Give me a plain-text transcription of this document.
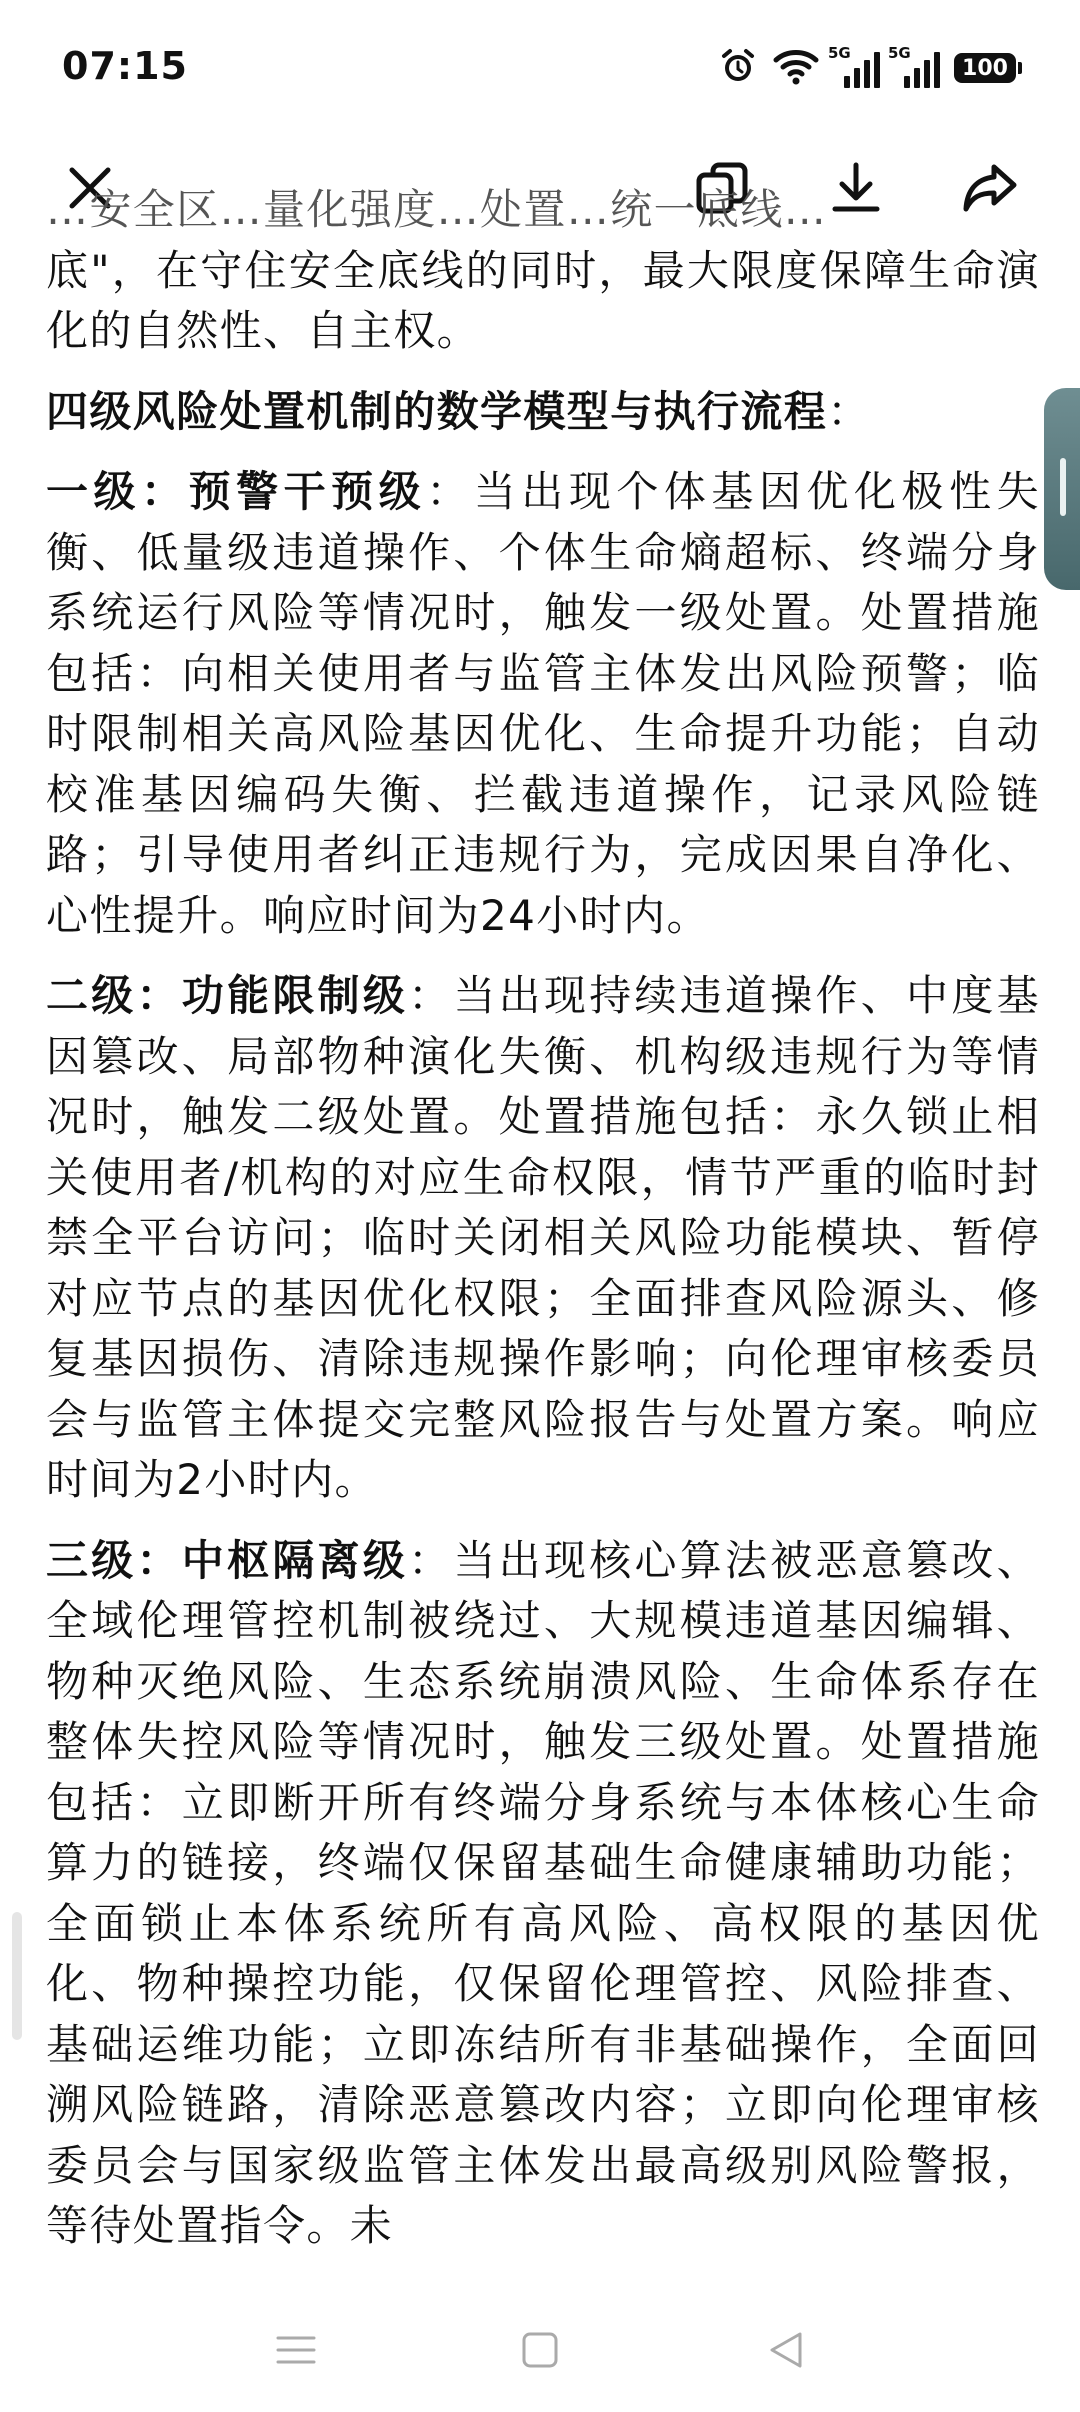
07:15	5G 5G
100

…安全区…量化强度…处置…统一底线…

底"，在守住安全底线的同时，最大限度保障生命演化的自然性、自主权。

四级风险处置机制的数学模型与执行流程：

一级：预警干预级：当出现个体基因优化极性失衡、低量级违道操作、个体生命熵超标、终端分身系统运行风险等情况时，触发一级处置。处置措施包括：向相关使用者与监管主体发出风险预警；临时限制相关高风险基因优化、生命提升功能；自动校准基因编码失衡、拦截违道操作，记录风险链路；引导使用者纠正违规行为，完成因果自净化、心性提升。响应时间为24小时内。

二级：功能限制级：当出现持续违道操作、中度基因篡改、局部物种演化失衡、机构级违规行为等情况时，触发二级处置。处置措施包括：永久锁止相关使用者/机构的对应生命权限，情节严重的临时封禁全平台访问；临时关闭相关风险功能模块、暂停对应节点的基因优化权限；全面排查风险源头、修复基因损伤、清除违规操作影响；向伦理审核委员会与监管主体提交完整风险报告与处置方案。响应时间为2小时内。

三级：中枢隔离级：当出现核心算法被恶意篡改、全域伦理管控机制被绕过、大规模违道基因编辑、物种灭绝风险、生态系统崩溃风险、生命体系存在整体失控风险等情况时，触发三级处置。处置措施包括：立即断开所有终端分身系统与本体核心生命算力的链接，终端仅保留基础生命健康辅助功能；全面锁止本体系统所有高风险、高权限的基因优化、物种操控功能，仅保留伦理管控、风险排查、基础运维功能；立即冻结所有非基础操作，全面回溯风险链路，清除恶意篡改内容；立即向伦理审核委员会与国家级监管主体发出最高级别风险警报，等待处置指令。未
